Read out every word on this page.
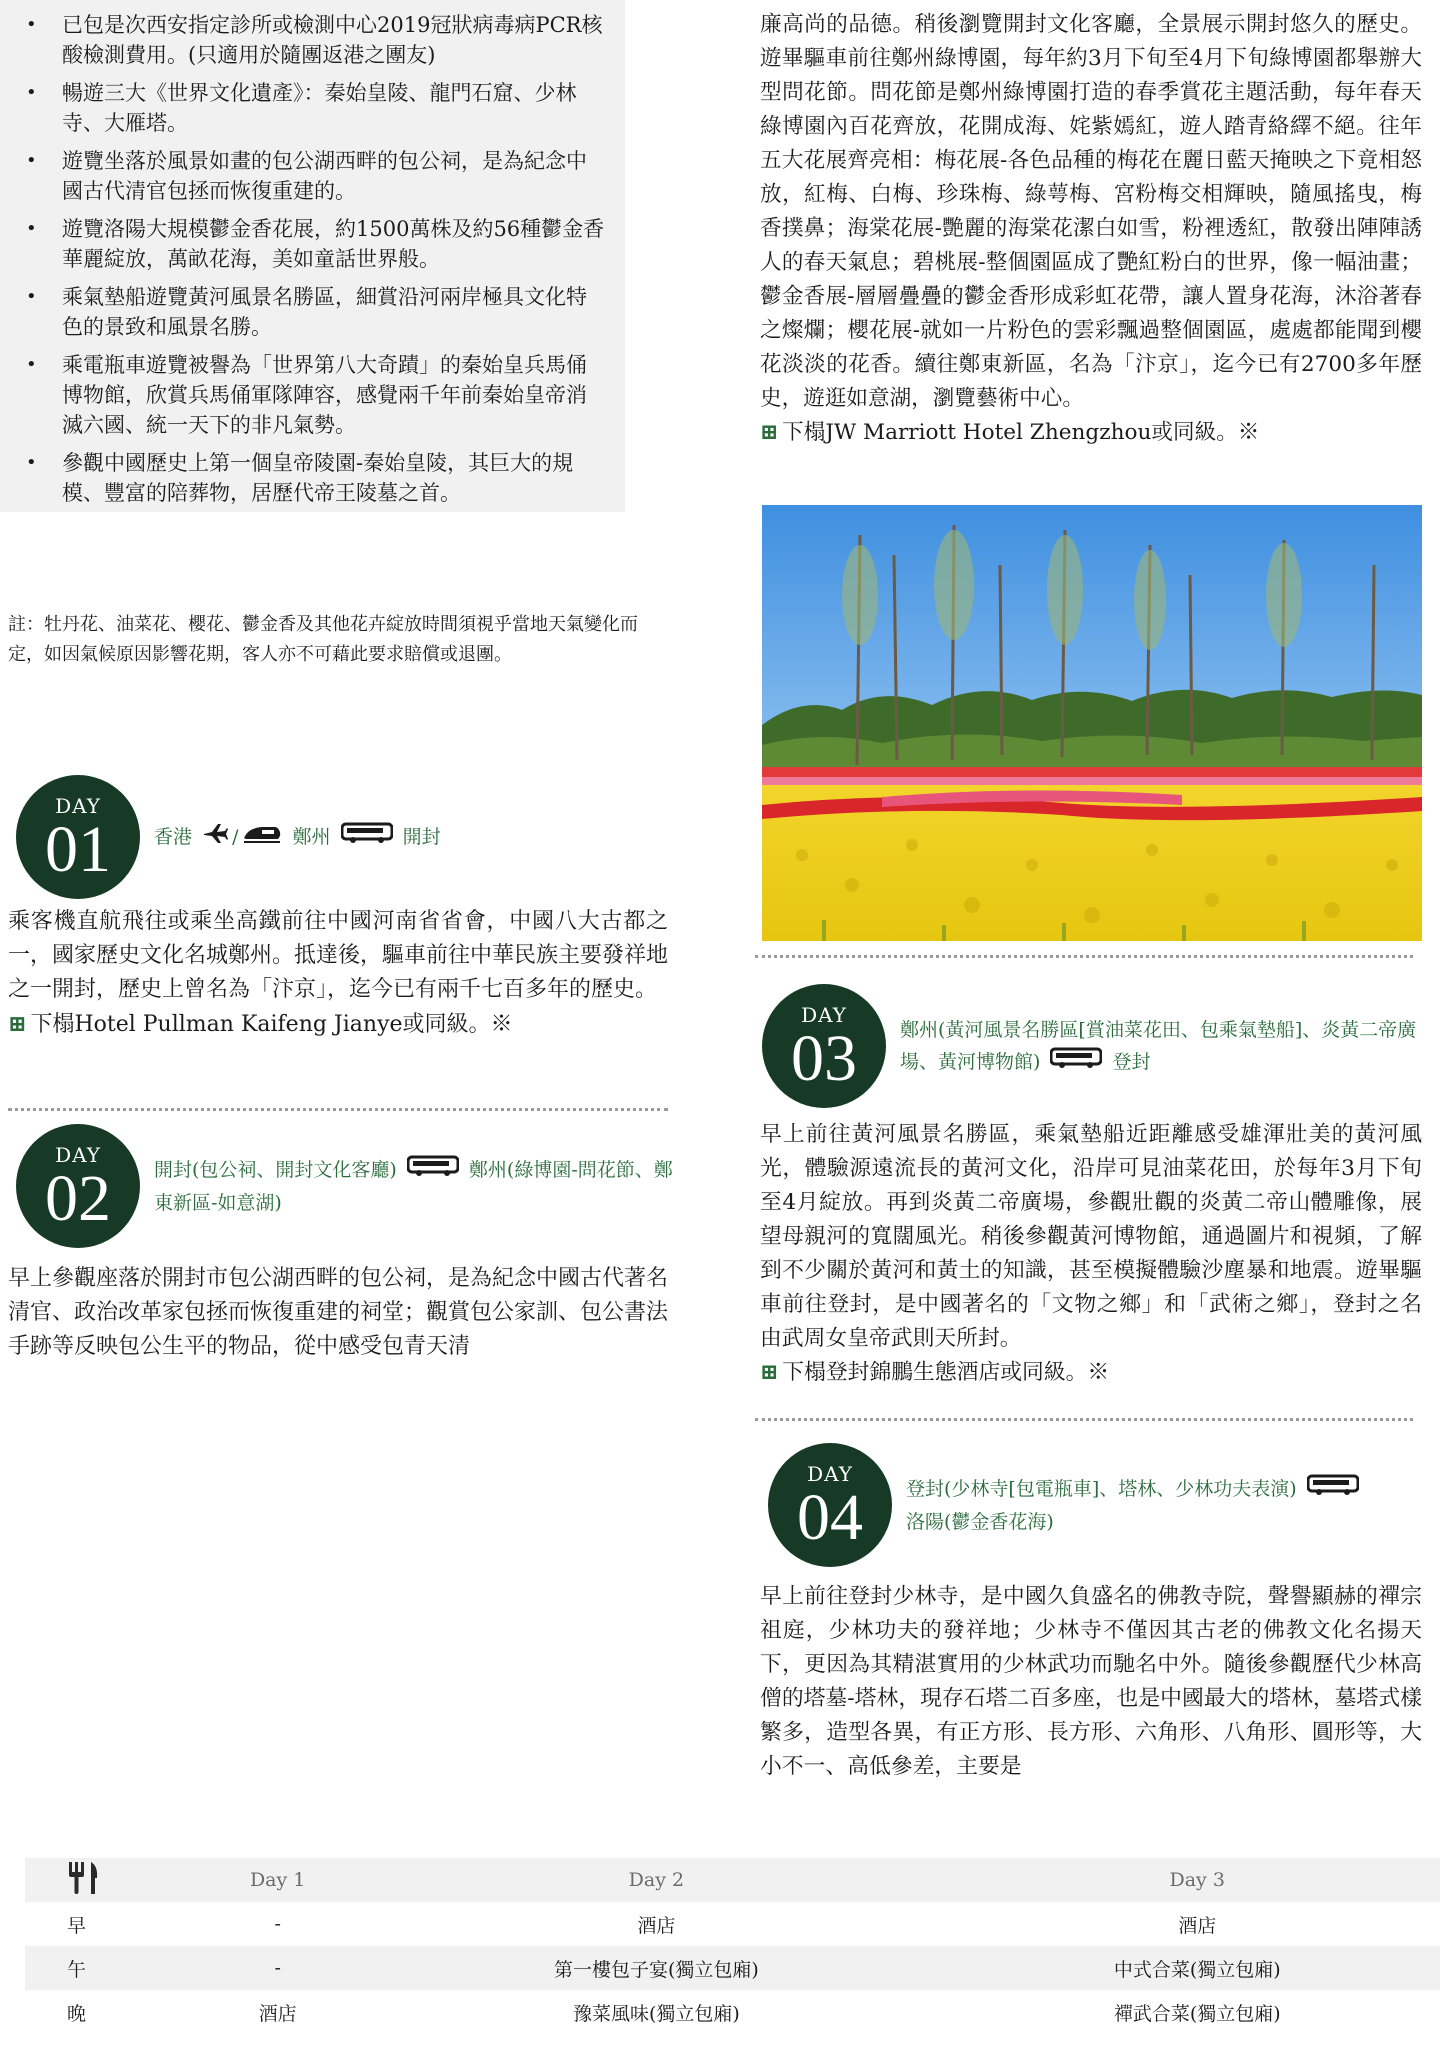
• 已包是次西安指定診所或檢測中心2019冠狀病毒病PCR核酸檢測費用。(只適用於隨團返港之團友)
• 暢遊三大《世界文化遺產》：秦始皇陵、龍門石窟、少林寺、大雁塔。
• 遊覽坐落於風景如畫的包公湖西畔的包公祠，是為紀念中國古代清官包拯而恢復重建的。
• 遊覽洛陽大規模鬱金香花展，約1500萬株及約56種鬱金香華麗綻放，萬畝花海，美如童話世界般。
• 乘氣墊船遊覽黃河風景名勝區，細賞沿河兩岸極具文化特色的景致和風景名勝。
• 乘電瓶車遊覽被譽為「世界第八大奇蹟」的秦始皇兵馬俑博物館，欣賞兵馬俑軍隊陣容，感覺兩千年前秦始皇帝消滅六國、統一天下的非凡氣勢。
• 參觀中國歷史上第一個皇帝陵園-秦始皇陵，其巨大的規模、豐富的陪葬物，居歷代帝王陵墓之首。
註：牡丹花、油菜花、櫻花、鬱金香及其他花卉綻放時間須視乎當地天氣變化而定，如因氣候原因影響花期，客人亦不可藉此要求賠償或退團。
DAY
01 香港 /	鄭州	開封
乘客機直航飛往或乘坐高鐵前往中國河南省省會，中國八大古都之一，國家歷史文化名城鄭州。抵達後，驅車前往中華民族主要發祥地之一開封，歷史上曾名為「汴京」，迄今已有兩千七百多年的歷史。
⊞ 下榻Hotel Pullman Kaifeng Jianye或同級。※
DAY
02 開封(包公祠、開封文化客廳)	鄭州(綠博園-問花節、鄭東新區-如意湖)
早上參觀座落於開封市包公湖西畔的包公祠，是為紀念中國古代著名清官、政治改革家包拯而恢復重建的祠堂；觀賞包公家訓、包公書法手跡等反映包公生平的物品，從中感受包青天清
廉高尚的品德。稍後瀏覽開封文化客廳，全景展示開封悠久的歷史。遊畢驅車前往鄭州綠博園，每年約3月下旬至4月下旬綠博園都舉辦大型問花節。問花節是鄭州綠博園打造的春季賞花主題活動，每年春天綠博園內百花齊放，花開成海、姹紫嫣紅，遊人踏青絡繹不絕。往年五大花展齊亮相：梅花展-各色品種的梅花在麗日藍天掩映之下竟相怒放，紅梅、白梅、珍珠梅、綠萼梅、宮粉梅交相輝映，隨風搖曳，梅香撲鼻；海棠花展-艷麗的海棠花潔白如雪，粉裡透紅，散發出陣陣誘人的春天氣息；碧桃展-整個園區成了艷紅粉白的世界，像一幅油畫；鬱金香展-層層疊疊的鬱金香形成彩虹花帶，讓人置身花海，沐浴著春之燦爛；櫻花展-就如一片粉色的雲彩飄過整個園區，處處都能聞到櫻花淡淡的花香。續往鄭東新區，名為「汴京」，迄今已有2700多年歷史，遊逛如意湖，瀏覽藝術中心。
⊞ 下榻JW Marriott Hotel Zhengzhou或同級。※
DAY
03 鄭州(黃河風景名勝區[賞油菜花田、包乘氣墊船]、炎黃二帝廣場、黃河博物館)	登封
早上前往黃河風景名勝區，乘氣墊船近距離感受雄渾壯美的黃河風光，體驗源遠流長的黃河文化，沿岸可見油菜花田，於每年3月下旬至4月綻放。再到炎黃二帝廣場，參觀壯觀的炎黃二帝山體雕像，展望母親河的寬闊風光。稍後參觀黃河博物館，通過圖片和視頻，了解到不少關於黃河和黃土的知識，甚至模擬體驗沙塵暴和地震。遊畢驅車前往登封，是中國著名的「文物之鄉」和「武術之鄉」，登封之名由武周女皇帝武則天所封。
⊞ 下榻登封錦鵬生態酒店或同級。※
DAY
04 登封(少林寺[包電瓶車]、塔林、少林功夫表演)
洛陽(鬱金香花海)
早上前往登封少林寺，是中國久負盛名的佛教寺院，聲譽顯赫的禪宗祖庭，少林功夫的發祥地；少林寺不僅因其古老的佛教文化名揚天下，更因為其精湛實用的少林武功而馳名中外。隨後參觀歷代少林高僧的塔墓-塔林，現存石塔二百多座，也是中國最大的塔林，墓塔式樣繁多，造型各異，有正方形、長方形、六角形、八角形、圓形等，大小不一、高低參差，主要是
	Day 1	Day 2	Day 3
早	-	酒店	酒店
午	-	第一樓包子宴(獨立包廂)	中式合菜(獨立包廂)
晚	酒店	豫菜風味(獨立包廂)	禪武合菜(獨立包廂)
